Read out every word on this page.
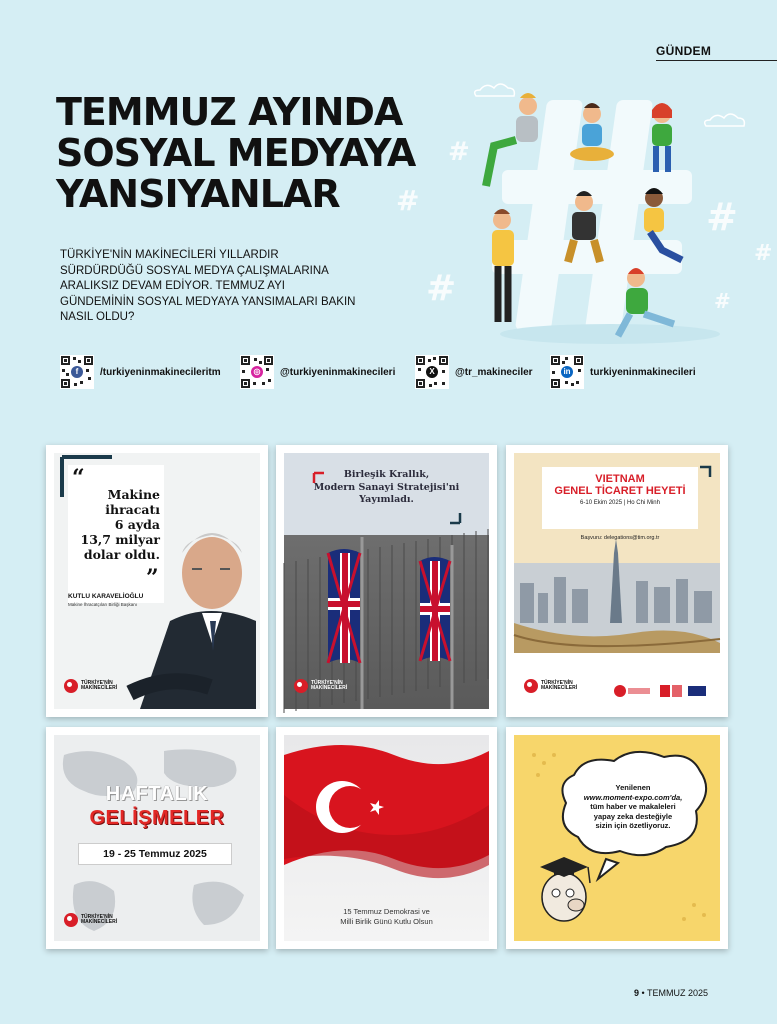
GÜNDEM
TEMMUZ AYINDA
SOSYAL MEDYAYA
YANSIYANLAR

TÜRKİYE'NİN MAKİNECİLERİ YILLARDIR SÜRDÜRDÜĞÜ SOSYAL MEDYA ÇALIŞMALARINA ARALIKSIZ DEVAM EDİYOR. TEMMUZ AYI GÜNDEMİNİN SOSYAL MEDYAYA YANSIMALARI BAKIN NASIL OLDU?

#
#
#
#
#
#
f	/turkiyeninmakinecileritm	◎ @turkiyeninmakinecileri	X	@tr_makineciler	in turkiyeninmakinecileri
“
Makine
ihracatı
6 ayda
13,7 milyar
dolar oldu.
”
KUTLU KARAVELİOĞLU
Makine İhracatçıları Birliği Başkanı
TÜRKİYE'NİN
MAKİNECİLERİ
Birleşik Krallık,
Modern Sanayi Stratejisi'ni
Yayımladı.
TÜRKİYE'NİN
MAKİNECİLERİ
VIETNAM
GENEL TİCARET HEYETİ
6-10 Ekim 2025 | Ho Chi Minh
Başvuru: delegations@tim.org.tr
TÜRKİYE'NİN
MAKİNECİLERİ
HAFTALIK
GELİŞMELER
19 - 25 Temmuz 2025
TÜRKİYE'NİN
MAKİNECİLERİ
15 Temmuz Demokrasi ve
Milli Birlik Günü Kutlu Olsun
Yenilenen
www.moment-expo.com'da,
tüm haber ve makaleleri
yapay zeka desteğiyle
sizin için özetliyoruz.
9 • TEMMUZ 2025
